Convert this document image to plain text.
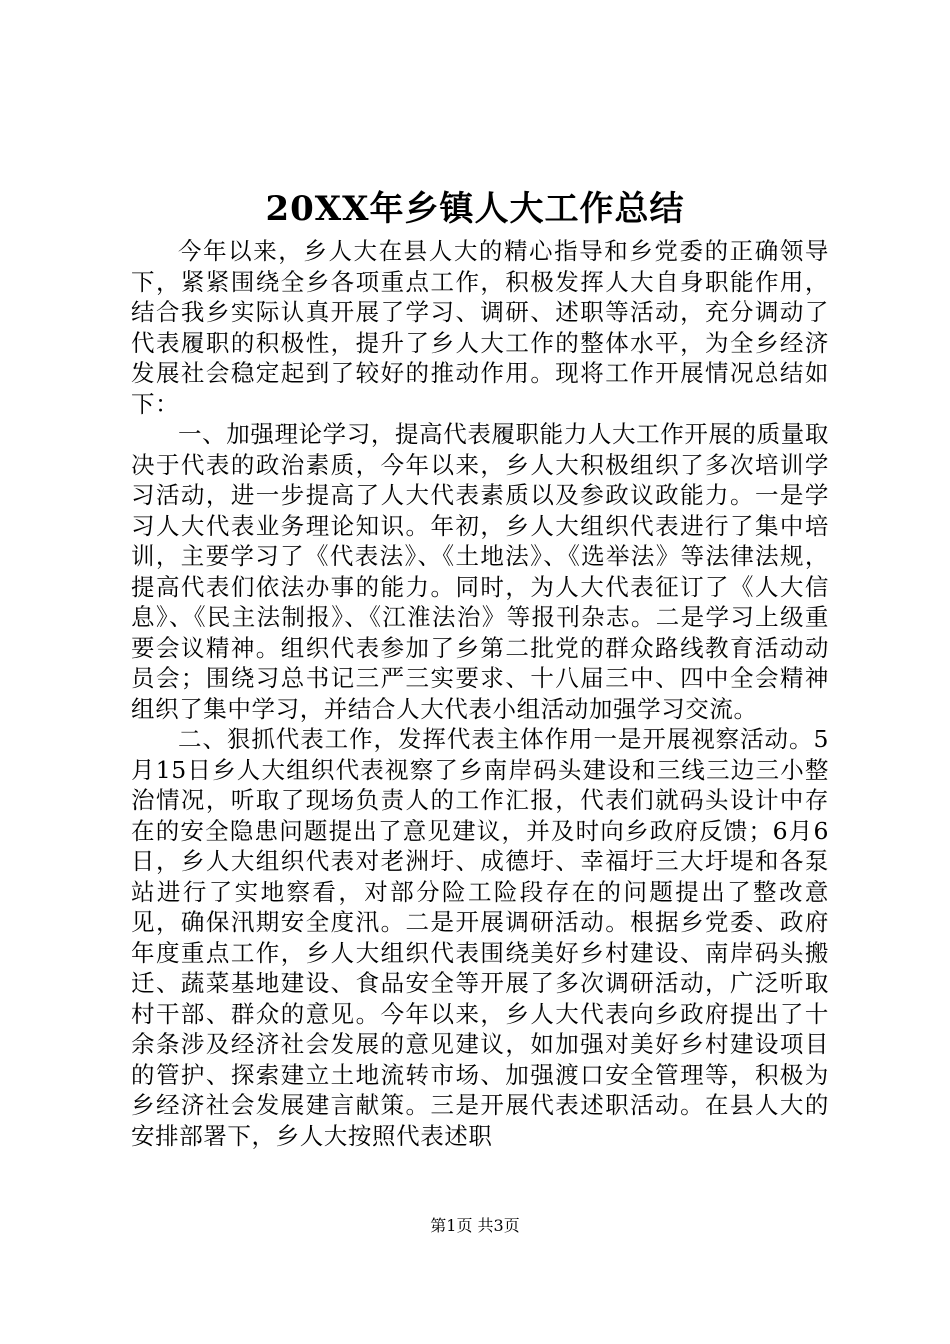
20XX年乡镇人大工作总结

今年以来，乡人大在县人大的精心指导和乡党委的正确领导下，紧紧围绕全乡各项重点工作，积极发挥人大自身职能作用，结合我乡实际认真开展了学习、调研、述职等活动，充分调动了代表履职的积极性，提升了乡人大工作的整体水平，为全乡经济发展社会稳定起到了较好的推动作用。现将工作开展情况总结如下：

一、加强理论学习，提高代表履职能力人大工作开展的质量取决于代表的政治素质，今年以来，乡人大积极组织了多次培训学习活动，进一步提高了人大代表素质以及参政议政能力。一是学习人大代表业务理论知识。年初，乡人大组织代表进行了集中培训，主要学习了《代表法》、《土地法》、《选举法》等法律法规，提高代表们依法办事的能力。同时，为人大代表征订了《人大信息》、《民主法制报》、《江淮法治》等报刊杂志。二是学习上级重要会议精神。组织代表参加了乡第二批党的群众路线教育活动动员会；围绕习总书记三严三实要求、十八届三中、四中全会精神组织了集中学习，并结合人大代表小组活动加强学习交流。

二、狠抓代表工作，发挥代表主体作用一是开展视察活动。5月15日乡人大组织代表视察了乡南岸码头建设和三线三边三小整治情况，听取了现场负责人的工作汇报，代表们就码头设计中存在的安全隐患问题提出了意见建议，并及时向乡政府反馈；6月6日，乡人大组织代表对老洲圩、成德圩、幸福圩三大圩堤和各泵站进行了实地察看，对部分险工险段存在的问题提出了整改意见，确保汛期安全度汛。二是开展调研活动。根据乡党委、政府年度重点工作，乡人大组织代表围绕美好乡村建设、南岸码头搬迁、蔬菜基地建设、食品安全等开展了多次调研活动，广泛听取村干部、群众的意见。今年以来，乡人大代表向乡政府提出了十余条涉及经济社会发展的意见建议，如加强对美好乡村建设项目的管护、探索建立土地流转市场、加强渡口安全管理等，积极为乡经济社会发展建言献策。三是开展代表述职活动。在县人大的安排部署下，乡人大按照代表述职

第1页 共3页
